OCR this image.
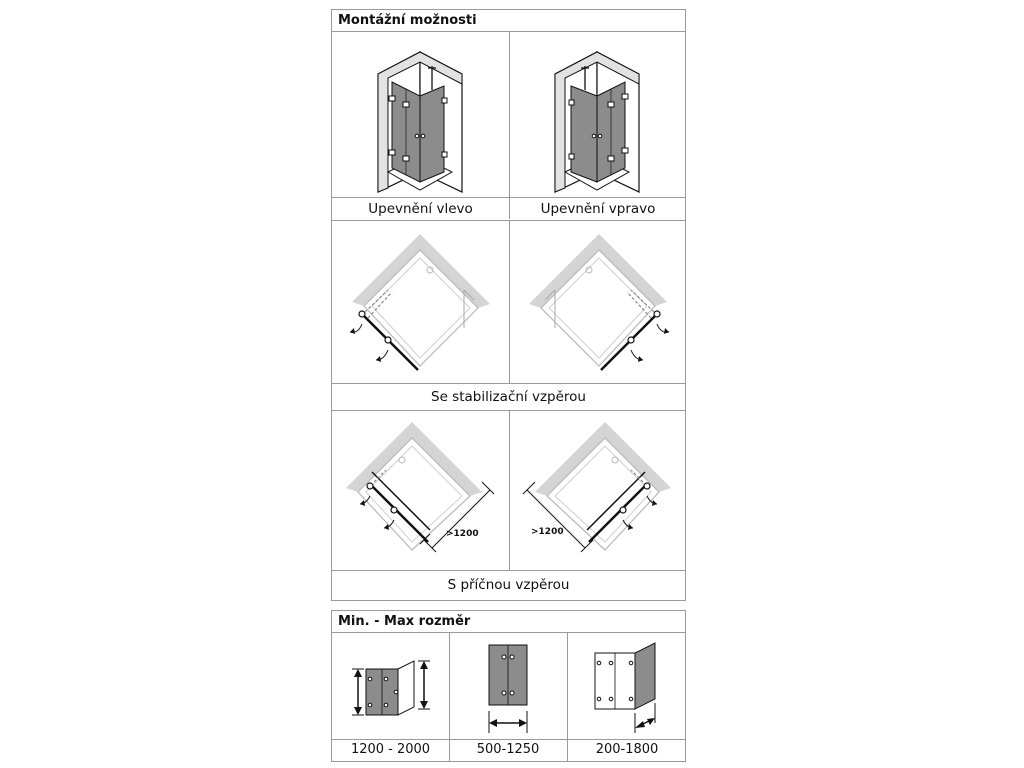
Montážní možnosti
Upevnění vlevo	Upevnění vpravo
Se stabilizační vzpěrou
>1200	>1200
S příčnou vzpěrou
Min. - Max rozměr
1200 - 2000	500-1250	200-1800
